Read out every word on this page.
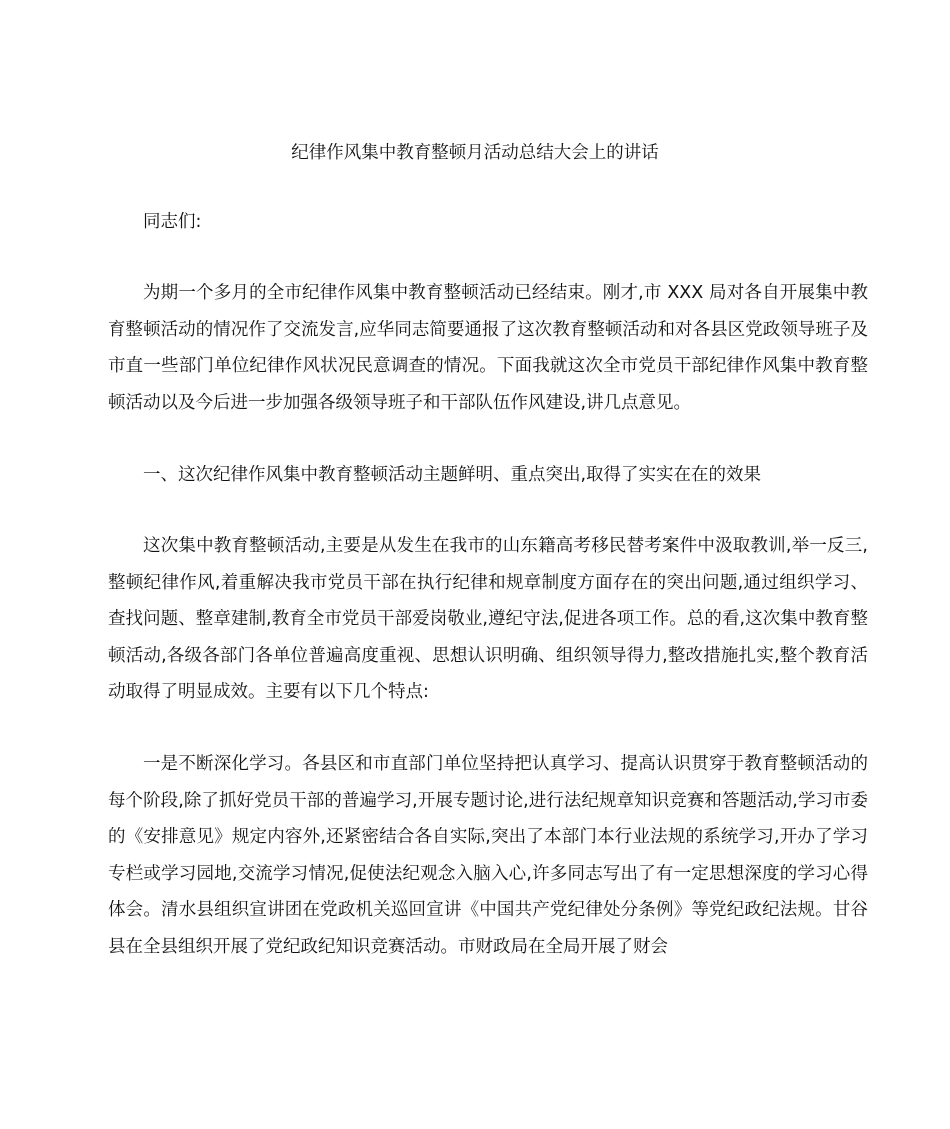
纪律作风集中教育整顿月活动总结大会上的讲话

同志们:

为期一个多月的全市纪律作风集中教育整顿活动已经结束。刚才,市 XXX 局对各自开展集中教育整顿活动的情况作了交流发言,应华同志简要通报了这次教育整顿活动和对各县区党政领导班子及市直一些部门单位纪律作风状况民意调查的情况。下面我就这次全市党员干部纪律作风集中教育整顿活动以及今后进一步加强各级领导班子和干部队伍作风建设,讲几点意见。

一、这次纪律作风集中教育整顿活动主题鲜明、重点突出,取得了实实在在的效果

这次集中教育整顿活动,主要是从发生在我市的山东籍高考移民替考案件中汲取教训,举一反三,整顿纪律作风,着重解决我市党员干部在执行纪律和规章制度方面存在的突出问题,通过组织学习、查找问题、整章建制,教育全市党员干部爱岗敬业,遵纪守法,促进各项工作。总的看,这次集中教育整顿活动,各级各部门各单位普遍高度重视、思想认识明确、组织领导得力,整改措施扎实,整个教育活动取得了明显成效。主要有以下几个特点:

一是不断深化学习。各县区和市直部门单位坚持把认真学习、提高认识贯穿于教育整顿活动的每个阶段,除了抓好党员干部的普遍学习,开展专题讨论,进行法纪规章知识竞赛和答题活动,学习市委的《安排意见》规定内容外,还紧密结合各自实际,突出了本部门本行业法规的系统学习,开办了学习专栏或学习园地,交流学习情况,促使法纪观念入脑入心,许多同志写出了有一定思想深度的学习心得体会。清水县组织宣讲团在党政机关巡回宣讲《中国共产党纪律处分条例》等党纪政纪法规。甘谷县在全县组织开展了党纪政纪知识竞赛活动。市财政局在全局开展了财会
